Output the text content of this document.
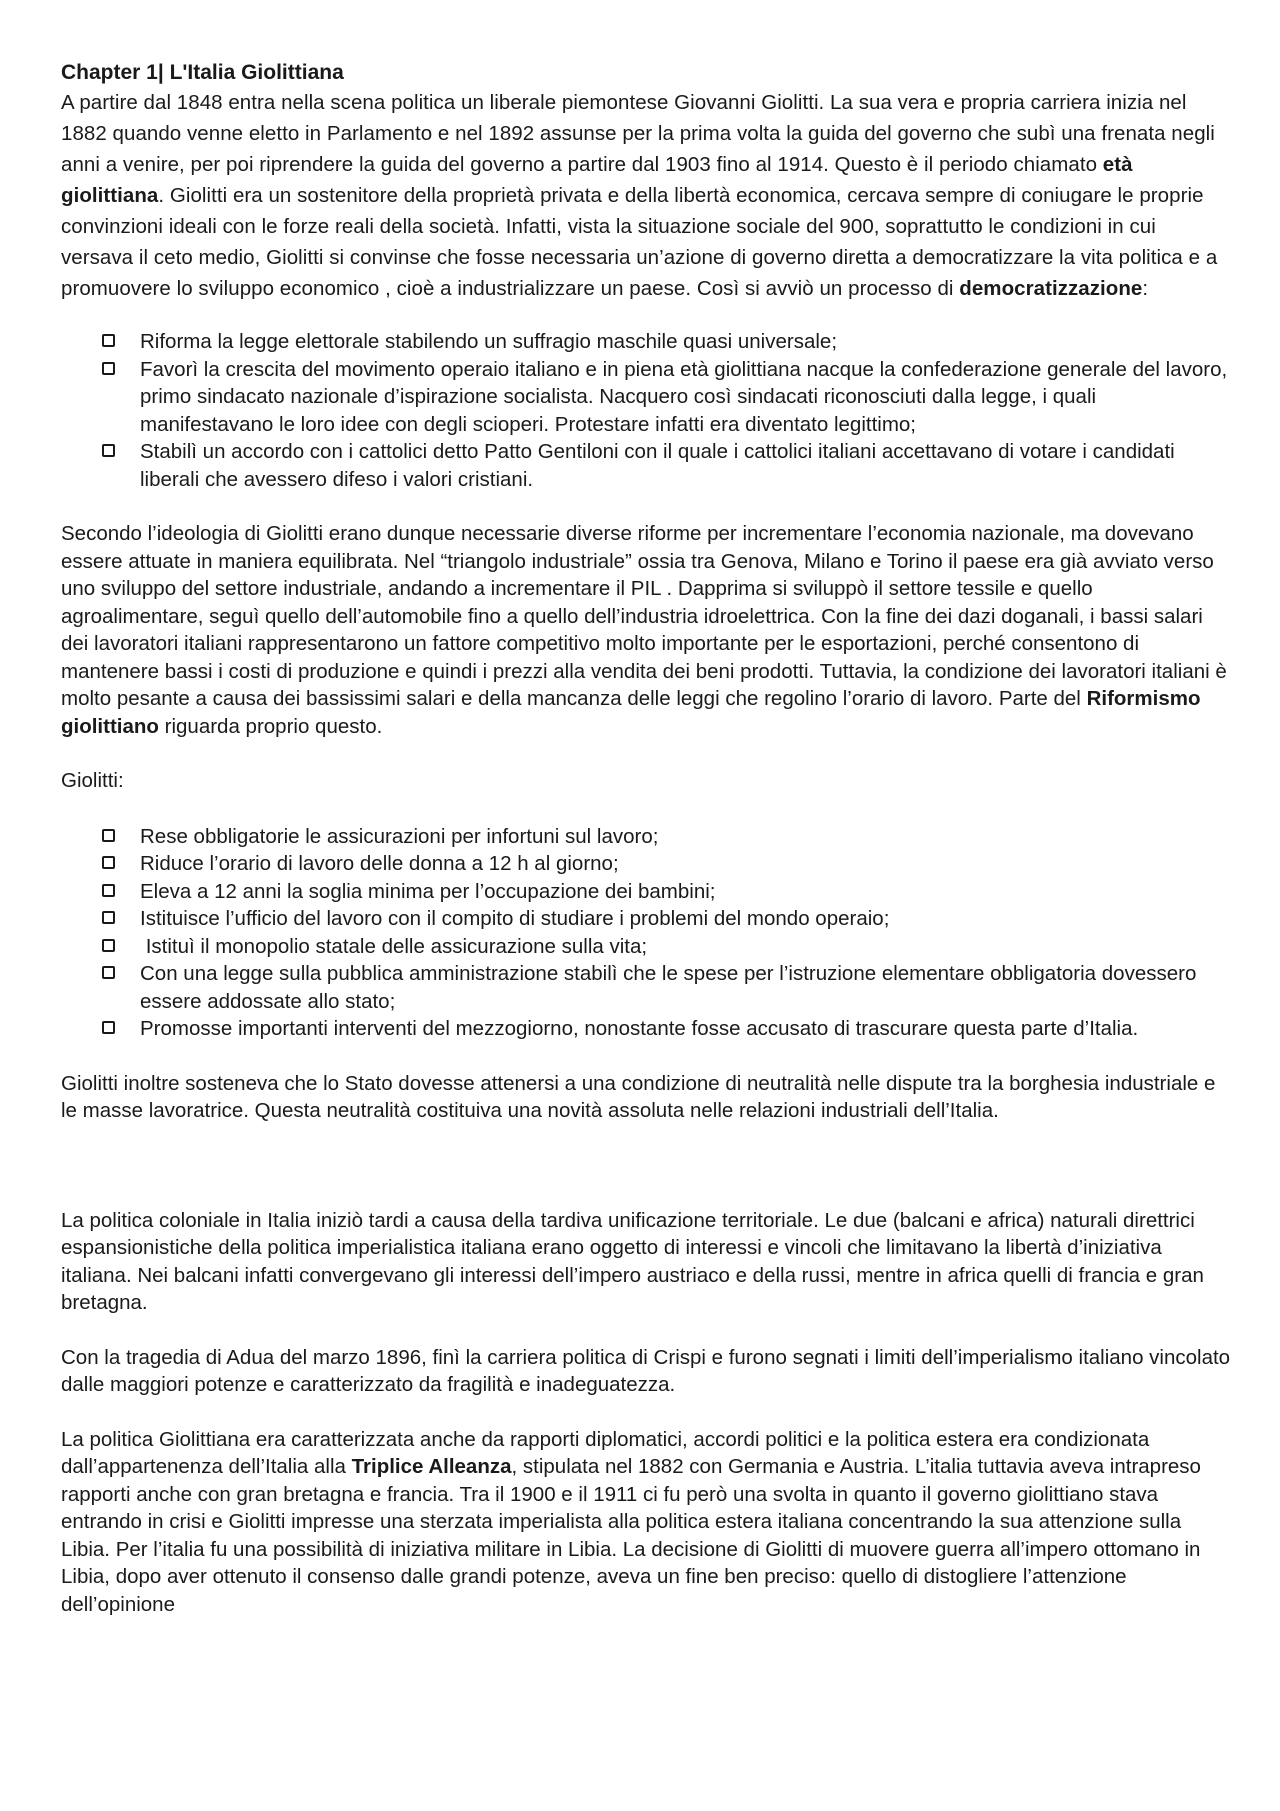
Chapter 1| L'Italia Giolittiana

A partire dal 1848 entra nella scena politica un liberale piemontese Giovanni Giolitti. La sua vera e propria carriera inizia nel 1882 quando venne eletto in Parlamento e nel 1892 assunse per la prima volta la guida del governo che subì una frenata negli anni a venire, per poi riprendere la guida del governo a partire dal 1903 fino al 1914. Questo è il periodo chiamato età giolittiana. Giolitti era un sostenitore della proprietà privata e della libertà economica, cercava sempre di coniugare le proprie convinzioni ideali con le forze reali della società. Infatti, vista la situazione sociale del 900, soprattutto le condizioni in cui versava il ceto medio, Giolitti si convinse che fosse necessaria un’azione di governo diretta a democratizzare la vita politica e a promuovere lo sviluppo economico , cioè a industrializzare un paese. Così si avviò un processo di democratizzazione:

Riforma la legge elettorale stabilendo un suffragio maschile quasi universale;
Favorì la crescita del movimento operaio italiano e in piena età giolittiana nacque la confederazione generale del lavoro, primo sindacato nazionale d’ispirazione socialista. Nacquero così sindacati riconosciuti dalla legge, i quali manifestavano le loro idee con degli scioperi. Protestare infatti era diventato legittimo;
Stabilì un accordo con i cattolici detto Patto Gentiloni con il quale i cattolici italiani accettavano di votare i candidati liberali che avessero difeso i valori cristiani.

Secondo l’ideologia di Giolitti erano dunque necessarie diverse riforme per incrementare l’economia nazionale, ma dovevano essere attuate in maniera equilibrata. Nel “triangolo industriale” ossia tra Genova, Milano e Torino il paese era già avviato verso uno sviluppo del settore industriale, andando a incrementare il PIL . Dapprima si sviluppò il settore tessile e quello agroalimentare, seguì quello dell’automobile fino a quello dell’industria idroelettrica. Con la fine dei dazi doganali, i bassi salari dei lavoratori italiani rappresentarono un fattore competitivo molto importante per le esportazioni, perché consentono di mantenere bassi i costi di produzione e quindi i prezzi alla vendita dei beni prodotti. Tuttavia, la condizione dei lavoratori italiani è molto pesante a causa dei bassissimi salari e della mancanza delle leggi che regolino l’orario di lavoro. Parte del Riformismo giolittiano riguarda proprio questo.

Giolitti:

Rese obbligatorie le assicurazioni per infortuni sul lavoro;
Riduce l’orario di lavoro delle donna a 12 h al giorno;
Eleva a 12 anni la soglia minima per l’occupazione dei bambini;
Istituisce l’ufficio del lavoro con il compito di studiare i problemi del mondo operaio;
Istituì il monopolio statale delle assicurazione sulla vita;
Con una legge sulla pubblica amministrazione stabilì che le spese per l’istruzione elementare obbligatoria dovessero essere addossate allo stato;
Promosse importanti interventi del mezzogiorno, nonostante fosse accusato di trascurare questa parte d’Italia.

Giolitti inoltre sosteneva che lo Stato dovesse attenersi a una condizione di neutralità nelle dispute tra la borghesia industriale e le masse lavoratrice. Questa neutralità costituiva una novità assoluta nelle relazioni industriali dell’Italia.

La politica coloniale in Italia iniziò tardi a causa della tardiva unificazione territoriale. Le due (balcani e africa) naturali direttrici espansionistiche della politica imperialistica italiana erano oggetto di interessi e vincoli che limitavano la libertà d’iniziativa italiana. Nei balcani infatti convergevano gli interessi dell’impero austriaco e della russi, mentre in africa quelli di francia e gran bretagna.

Con la tragedia di Adua del marzo 1896, finì la carriera politica di Crispi e furono segnati i limiti dell’imperialismo italiano vincolato dalle maggiori potenze e caratterizzato da fragilità e inadeguatezza.

La politica Giolittiana era caratterizzata anche da rapporti diplomatici, accordi politici e la politica estera era condizionata dall’appartenenza dell’Italia alla Triplice Alleanza, stipulata nel 1882 con Germania e Austria. L’italia tuttavia aveva intrapreso rapporti anche con gran bretagna e francia. Tra il 1900 e il 1911 ci fu però una svolta in quanto il governo giolittiano stava entrando in crisi e Giolitti impresse una sterzata imperialista alla politica estera italiana concentrando la sua attenzione sulla Libia. Per l’italia fu una possibilità di iniziativa militare in Libia. La decisione di Giolitti di muovere guerra all’impero ottomano in Libia, dopo aver ottenuto il consenso dalle grandi potenze, aveva un fine ben preciso: quello di distogliere l’attenzione dell’opinione
